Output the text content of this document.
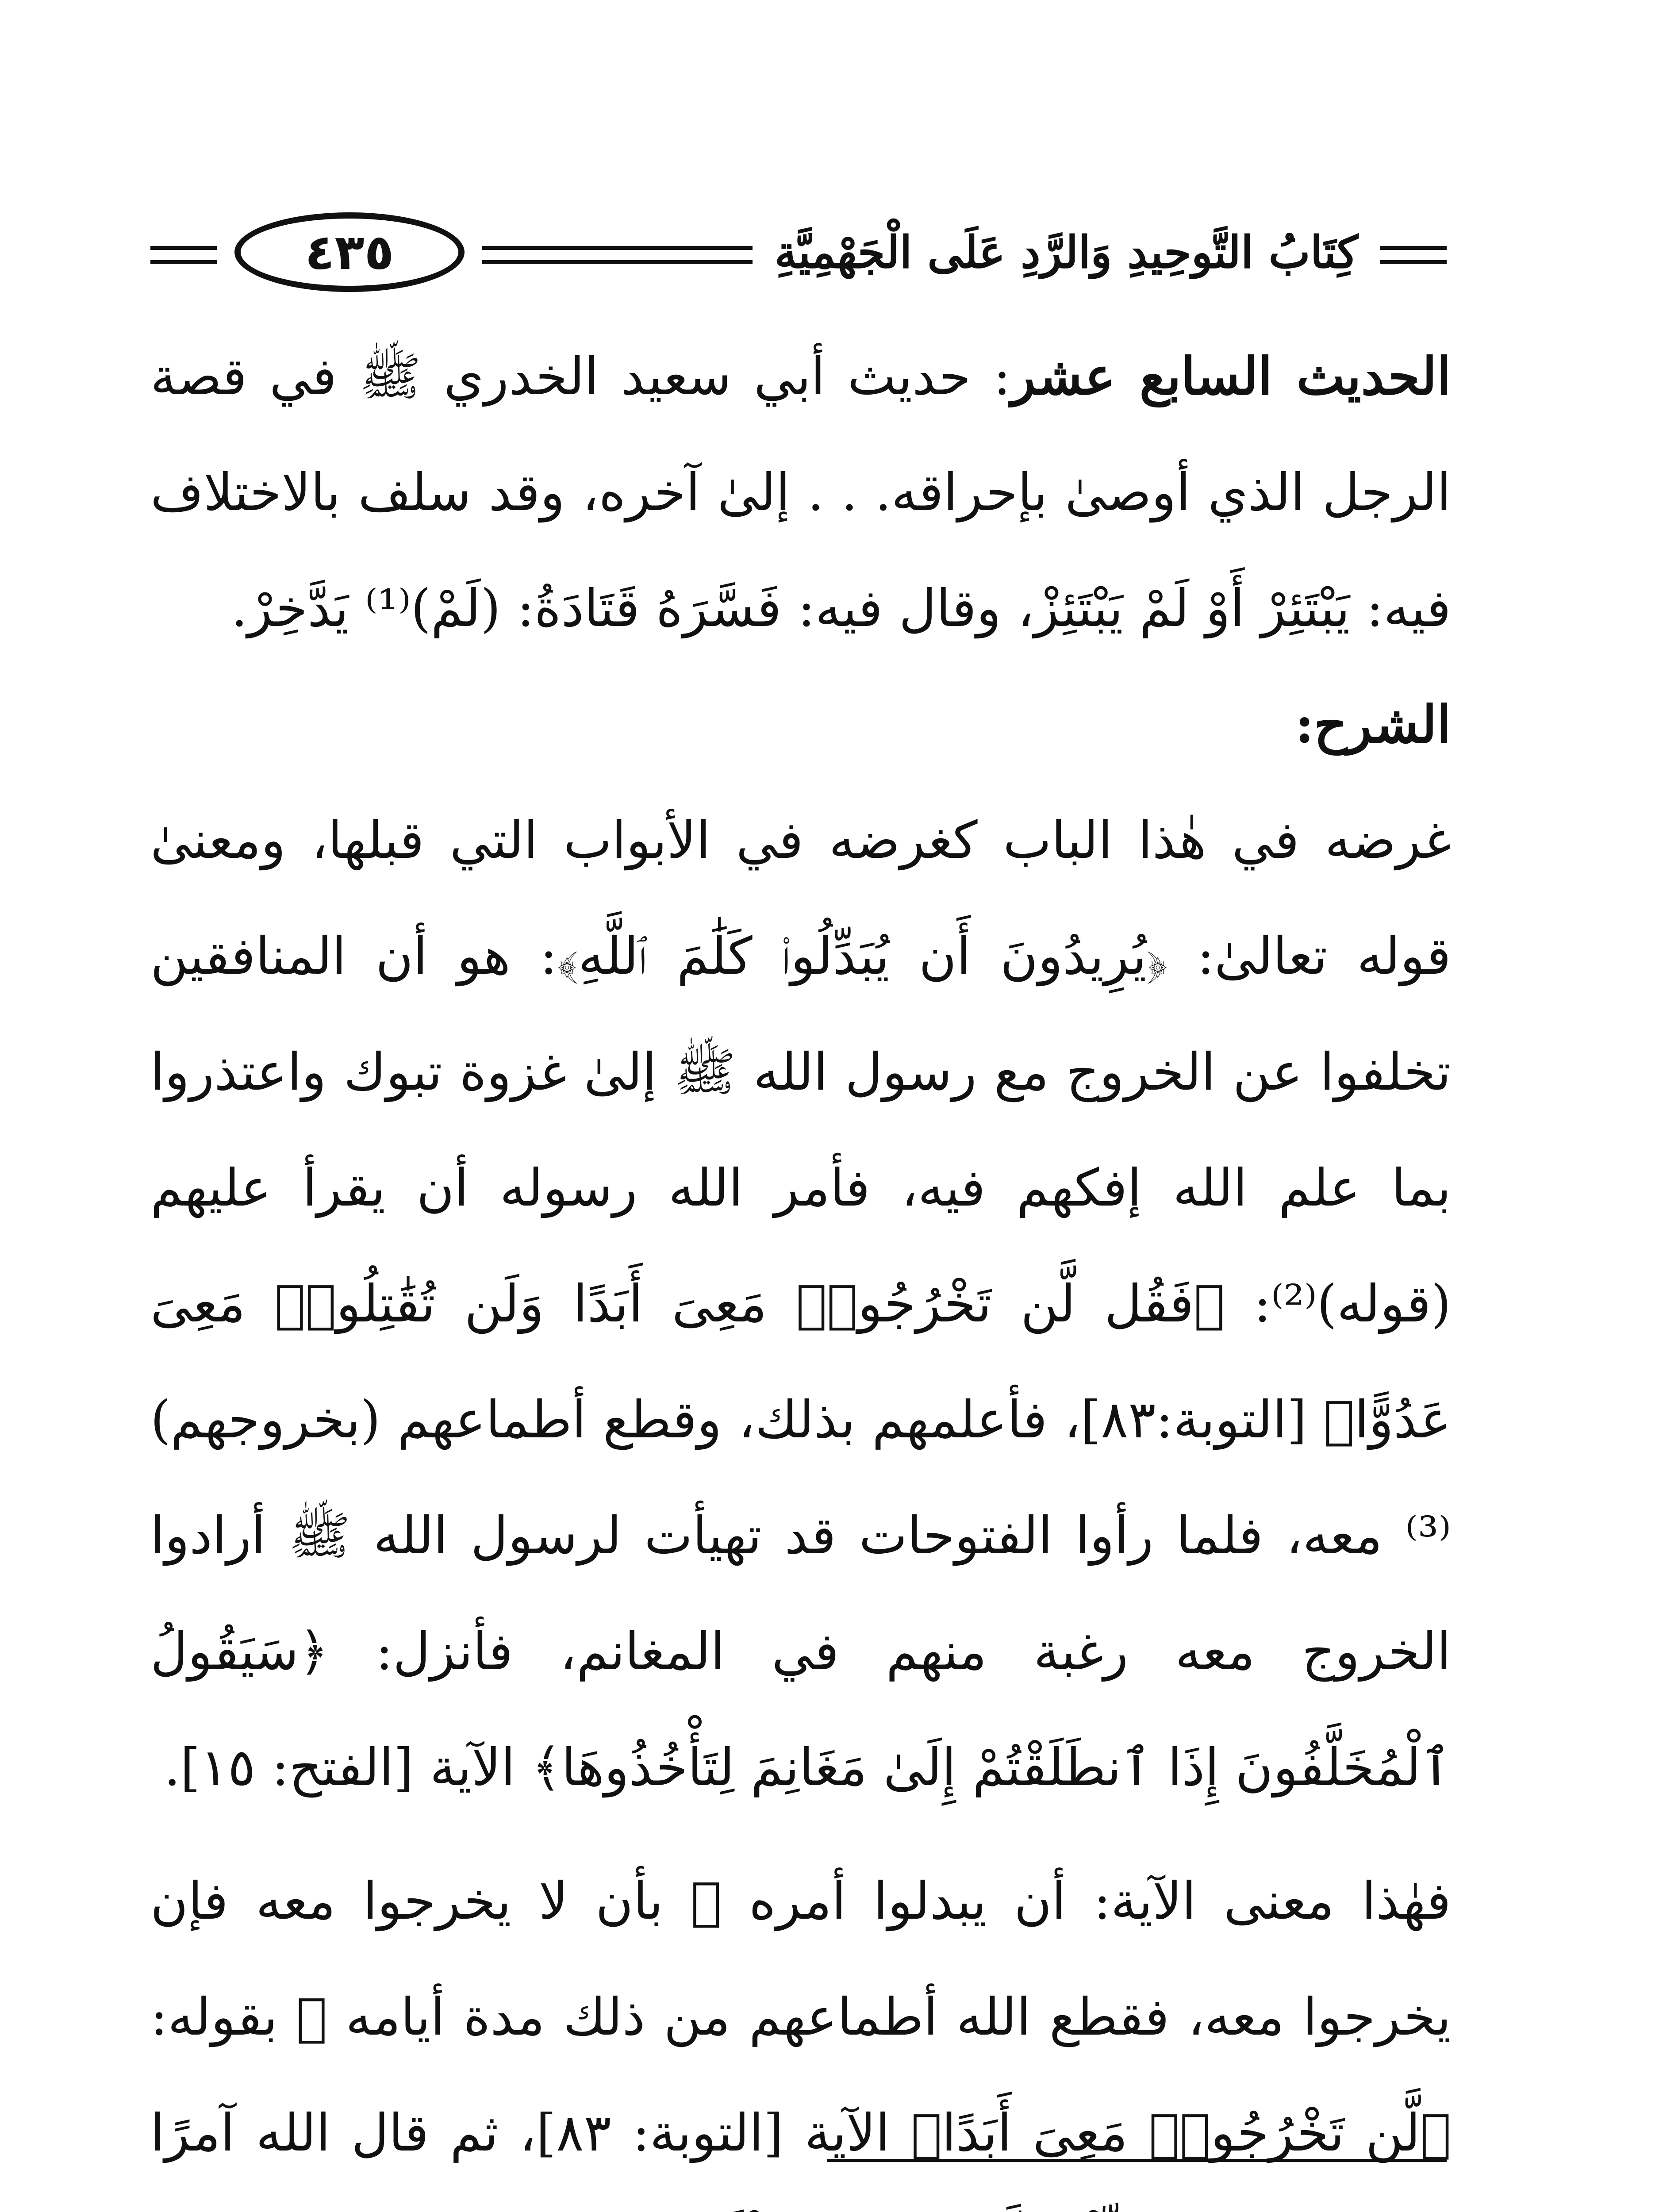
٤٣٥	كِتَابُ التَّوحِيدِ وَالرَّدِ عَلَى الْجَهْمِيَّةِ

الحديث السابع عشر: حديث أبي سعيد الخدري ﷺ في قصة الرجل الذي أوصىٰ بإحراقه. . . إلىٰ آخره، وقد سلف بالاختلاف فيه: يَبْتَئِرْ أَوْ لَمْ يَبْتَئِزْ، وقال فيه: فَسَّرَهُ قَتَادَةُ: (لَمْ)⁽¹⁾ يَدَّخِرْ.

الشرح:

غرضه في هٰذا الباب كغرضه في الأبواب التي قبلها، ومعنىٰ قوله تعالىٰ: ﴿يُرِيدُونَ أَن يُبَدِّلُوا۟ كَلَٰمَ ٱللَّهِ﴾: هو أن المنافقين تخلفوا عن الخروج مع رسول الله ﷺ إلىٰ غزوة تبوك واعتذروا بما علم الله إفكهم فيه، فأمر الله رسوله أن يقرأ عليهم (قوله)⁽²⁾: ﴿فَقُل لَّن تَخْرُجُوا۟ مَعِىَ أَبَدًا وَلَن تُقَٰتِلُوا۟ مَعِىَ عَدُوًّا﴾ [التوبة:٨٣]، فأعلمهم بذلك، وقطع أطماعهم (بخروجهم)⁽³⁾ معه، فلما رأوا الفتوحات قد تهيأت لرسول الله ﷺ أرادوا الخروج معه رغبة منهم في المغانم، فأنزل: ﴿سَيَقُولُ ٱلْمُخَلَّفُونَ إِذَا ٱنطَلَقْتُمْ إِلَىٰ مَغَانِمَ لِتَأْخُذُوهَا﴾ الآية [الفتح: ١٥].

فهٰذا معنى الآية: أن يبدلوا أمره ﷺ بأن لا يخرجوا معه فإن يخرجوا معه، فقطع الله أطماعهم من ذلك مدة أيامه ﷺ بقوله: ﴿لَّن تَخْرُجُوا۟ مَعِىَ أَبَدًا﴾ الآية [التوبة: ٨٣]، ثم قال الله آمرًا
